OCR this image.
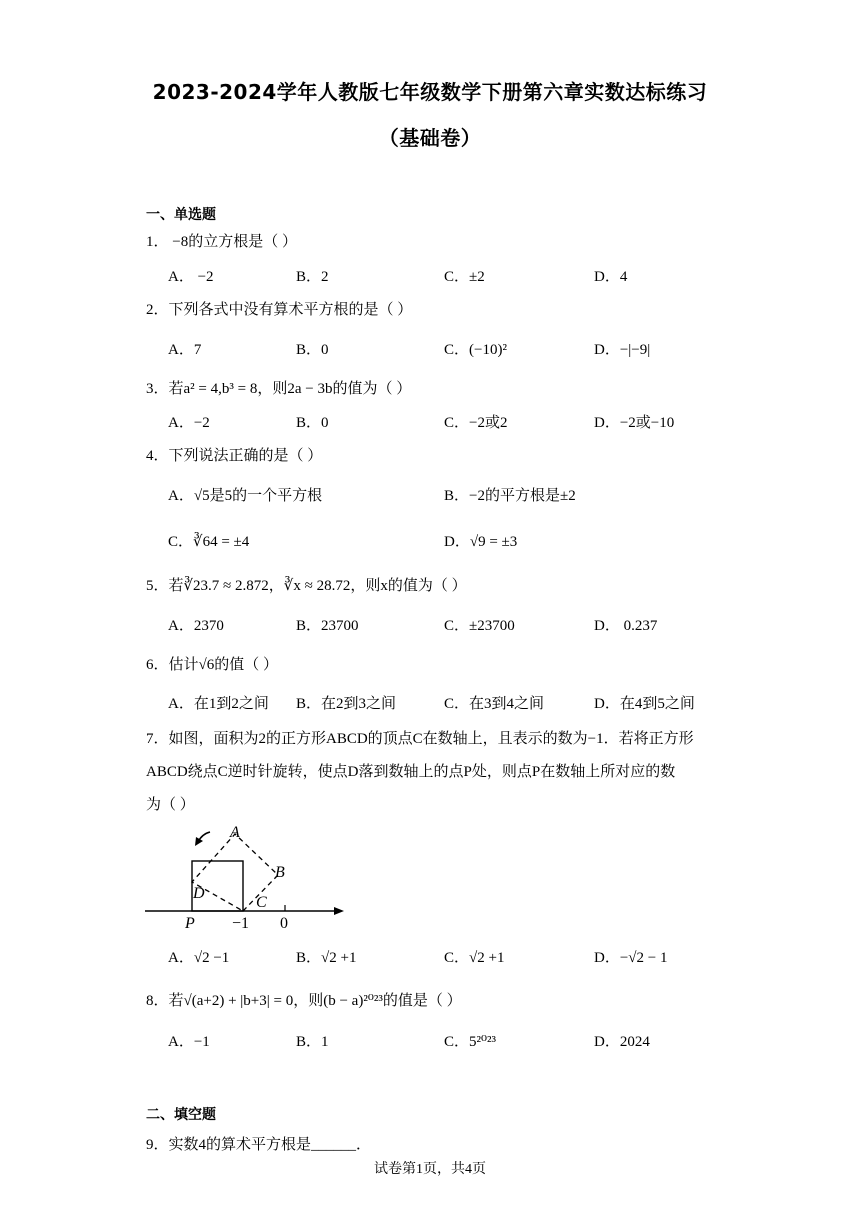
2023-2024学年人教版七年级数学下册第六章实数达标练习
（基础卷）
一、单选题
1． −8的立方根是（ ）
A． −2	B．2	C．±2	D．4
2．下列各式中没有算术平方根的是（ ）
A．7	B．0	C．(−10)²	D．−|−9|
3．若a² = 4,b³ = 8，则2a − 3b的值为（ ）
A．−2	B．0	C．−2或2	D．−2或−10
4．下列说法正确的是（ ）
A．√5是5的一个平方根	B．−2的平方根是±2
C．∛64 = ±4	D．√9 = ±3
5．若∛23.7 ≈ 2.872，∛x ≈ 28.72，则x的值为（ ）
A．2370	B．23700	C．±23700	D． 0.237
6．估计√6的值（ ）
A．在1到2之间 B．在2到3之间	C．在3到4之间	D．在4到5之间
7．如图，面积为2的正方形ABCD的顶点C在数轴上，且表示的数为−1．若将正方形
ABCD绕点C逆时针旋转，使点D落到数轴上的点P处，则点P在数轴上所对应的数
为（ ）
A
B
C
D
P −1 0
A．√2 −1	B．√2 +1	C．√2 +1	D．−√2 − 1
8．若√(a+2) + |b+3| = 0，则(b − a)²⁰²³的值是（ ）
A．−1	B．1	C．5²⁰²³	D．2024
二、填空题
9．实数4的算术平方根是______．
试卷第1页，共4页
